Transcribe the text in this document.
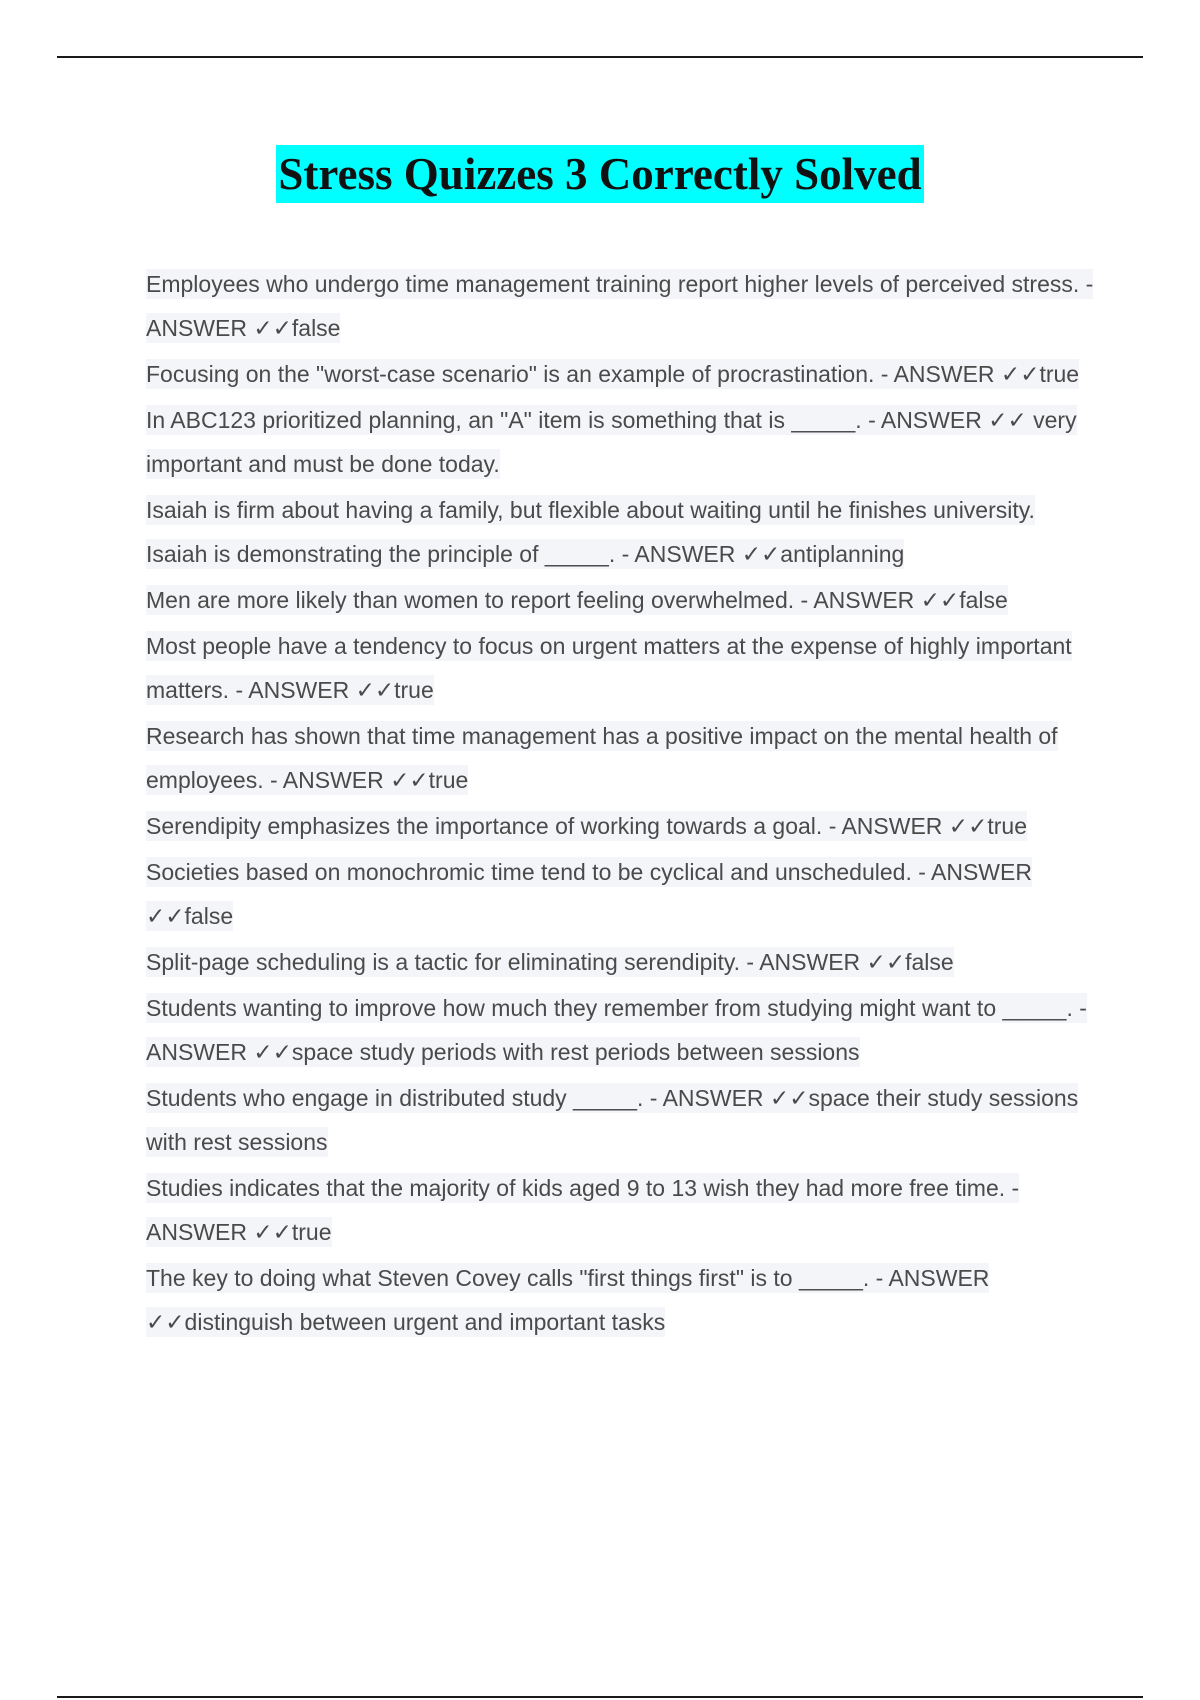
Stress Quizzes 3 Correctly Solved
Employees who undergo time management training report higher levels of perceived stress. - ANSWER ✓✓false
Focusing on the "worst-case scenario" is an example of procrastination. - ANSWER ✓✓true
In ABC123 prioritized planning, an "A" item is something that is _____. - ANSWER ✓✓ very important and must be done today.
Isaiah is firm about having a family, but flexible about waiting until he finishes university. Isaiah is demonstrating the principle of _____. - ANSWER ✓✓antiplanning
Men are more likely than women to report feeling overwhelmed. - ANSWER ✓✓false
Most people have a tendency to focus on urgent matters at the expense of highly important matters. - ANSWER ✓✓true
Research has shown that time management has a positive impact on the mental health of employees. - ANSWER ✓✓true
Serendipity emphasizes the importance of working towards a goal. - ANSWER ✓✓true
Societies based on monochromic time tend to be cyclical and unscheduled. - ANSWER ✓✓false
Split-page scheduling is a tactic for eliminating serendipity. - ANSWER ✓✓false
Students wanting to improve how much they remember from studying might want to _____. - ANSWER ✓✓space study periods with rest periods between sessions
Students who engage in distributed study _____. - ANSWER ✓✓space their study sessions with rest sessions
Studies indicates that the majority of kids aged 9 to 13 wish they had more free time. - ANSWER ✓✓true
The key to doing what Steven Covey calls "first things first" is to _____. - ANSWER ✓✓distinguish between urgent and important tasks
